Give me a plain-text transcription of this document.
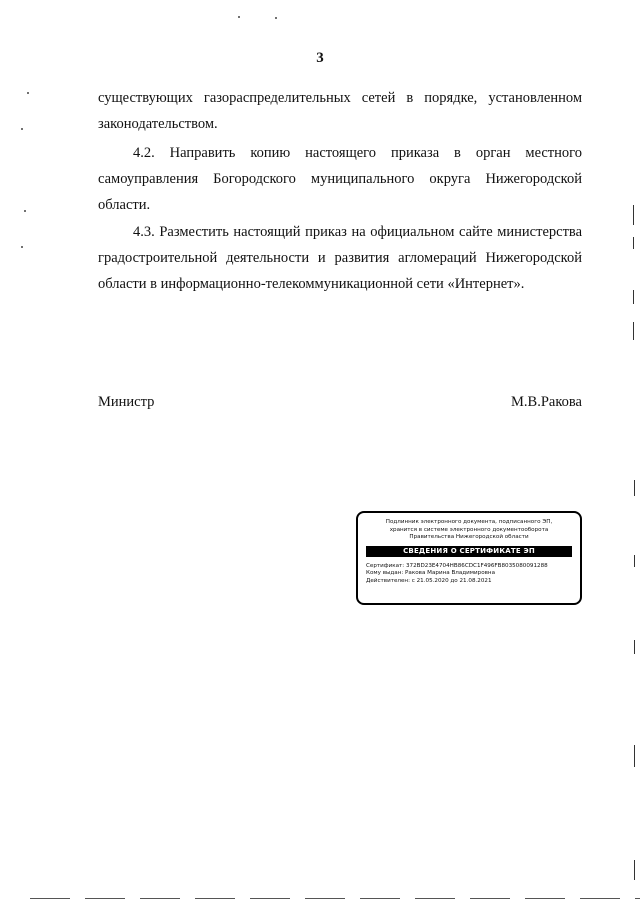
3
существующих газораспределительных сетей в порядке, установленном законодательством.
4.2. Направить копию настоящего приказа в орган местного самоуправления Богородского муниципального округа Нижегородской области.
4.3. Разместить настоящий приказ на официальном сайте министерства градостроительной деятельности и развития агломераций Нижегородской области в информационно-телекоммуникационной сети «Интернет».
Министр	М.В.Ракова
Подлинник электронного документа, подписанного ЭП,
хранится в системе электронного документооборота
Правительства Нижегородской области
СВЕДЕНИЯ О СЕРТИФИКАТЕ ЭП
Сертификат: 372BD23E4704HB86CDC1F496FB8035080091288
Кому выдан: Ракова Марина Владимировна
Действителен: с 21.05.2020 до 21.08.2021
